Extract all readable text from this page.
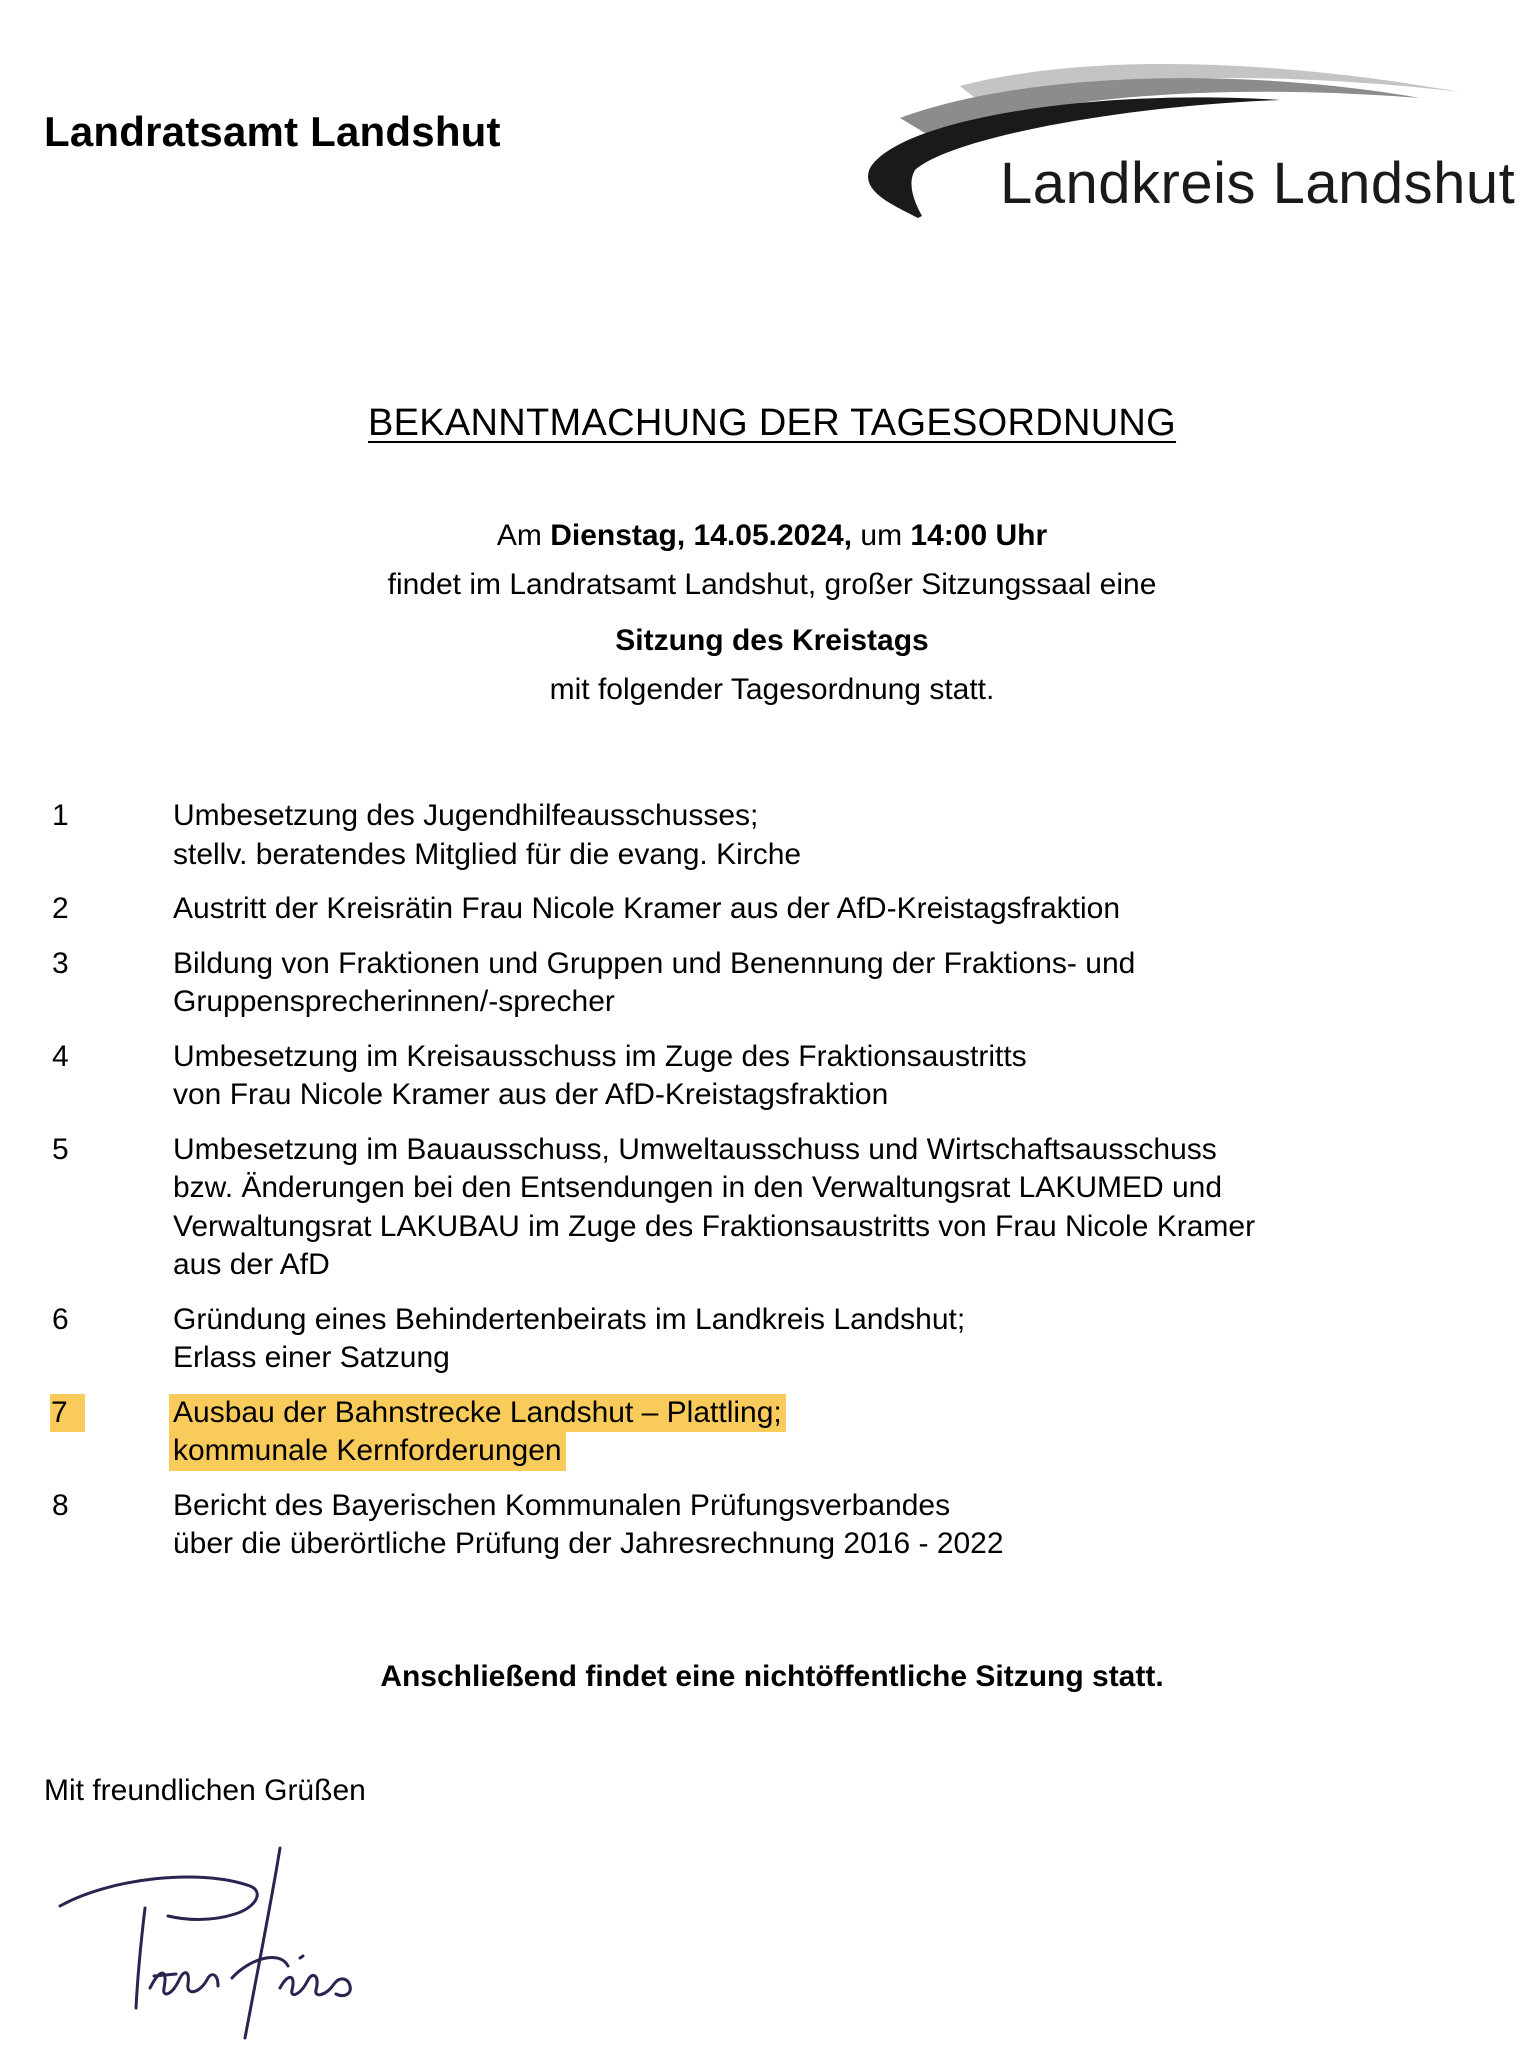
Landratsamt Landshut
Landkreis Landshut
BEKANNTMACHUNG DER TAGESORDNUNG
Am Dienstag, 14.05.2024, um 14:00 Uhr
findet im Landratsamt Landshut, großer Sitzungssaal eine
Sitzung des Kreistags
mit folgender Tagesordnung statt.
1	Umbesetzung des Jugendhilfeausschusses;
stellv. beratendes Mitglied für die evang. Kirche
2	Austritt der Kreisrätin Frau Nicole Kramer aus der AfD-Kreistagsfraktion
3	Bildung von Fraktionen und Gruppen und Benennung der Fraktions- und
Gruppensprecherinnen/-sprecher
4	Umbesetzung im Kreisausschuss im Zuge des Fraktionsaustritts
von Frau Nicole Kramer aus der AfD-Kreistagsfraktion
5	Umbesetzung im Bauausschuss, Umweltausschuss und Wirtschaftsausschuss
bzw. Änderungen bei den Entsendungen in den Verwaltungsrat LAKUMED und
Verwaltungsrat LAKUBAU im Zuge des Fraktionsaustritts von Frau Nicole Kramer
aus der AfD
6	Gründung eines Behindertenbeirats im Landkreis Landshut;
Erlass einer Satzung
7	Ausbau der Bahnstrecke Landshut – Plattling;
kommunale Kernforderungen
8	Bericht des Bayerischen Kommunalen Prüfungsverbandes
über die überörtliche Prüfung der Jahresrechnung 2016 - 2022
Anschließend findet eine nichtöffentliche Sitzung statt.
Mit freundlichen Grüßen
